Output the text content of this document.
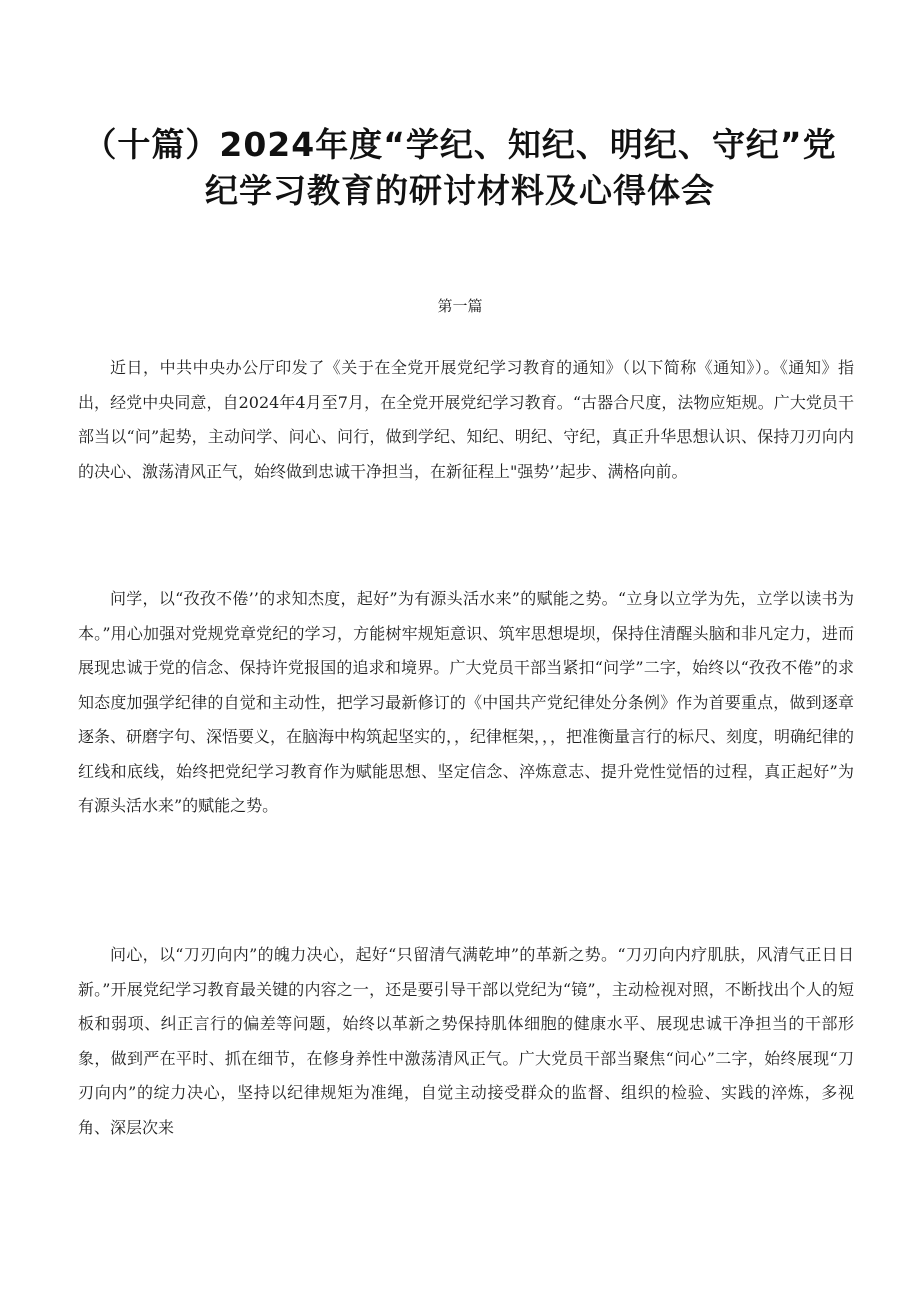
（十篇）2024年度“学纪、知纪、明纪、守纪”党
纪学习教育的研讨材料及心得体会
第一篇

近日，中共中央办公厅印发了《关于在全党开展党纪学习教育的通知》（以下简称《通知》）。《通知》指出，经党中央同意，自2024年4月至7月，在全党开展党纪学习教育。“古器合尺度，法物应矩规。广大党员干部当以“问”起势，主动问学、问心、问行，做到学纪、知纪、明纪、守纪，真正升华思想认识、保持刀刃向内的决心、激荡清风正气，始终做到忠诚干净担当，在新征程上"强势’’起步、满格向前。

问学，以“孜孜不倦’’的求知杰度，起好”为有源头活水来”的赋能之势。“立身以立学为先，立学以读书为本。”用心加强对党规党章党纪的学习，方能树牢规矩意识、筑牢思想堤坝，保持住清醒头脑和非凡定力，进而展现忠诚于党的信念、保持许党报国的追求和境界。广大党员干部当紧扣“问学”二字，始终以“孜孜不倦”的求知态度加强学纪律的自觉和主动性，把学习最新修订的《中国共产党纪律处分条例》作为首要重点，做到逐章逐条、研磨字句、深悟要义，在脑海中构筑起坚实的，，纪律框架，，，把准衡量言行的标尺、刻度，明确纪律的红线和底线，始终把党纪学习教育作为赋能思想、坚定信念、淬炼意志、提升党性觉悟的过程，真正起好”为有源头活水来”的赋能之势。

问心，以“刀刃向内”的魄力决心，起好“只留清气满乾坤”的革新之势。“刀刃向内疗肌肤，风清气正日日新。”开展党纪学习教育最关键的内容之一，还是要引导干部以党纪为“镜”，主动检视对照，不断找出个人的短板和弱项、纠正言行的偏差等问题，始终以革新之势保持肌体细胞的健康水平、展现忠诚干净担当的干部形象，做到严在平时、抓在细节，在修身养性中激荡清风正气。广大党员干部当聚焦“问心”二字，始终展现“刀刃向内”的绽力决心，坚持以纪律规矩为准绳，自觉主动接受群众的监督、组织的检验、实践的淬炼，多视角、深层次来
